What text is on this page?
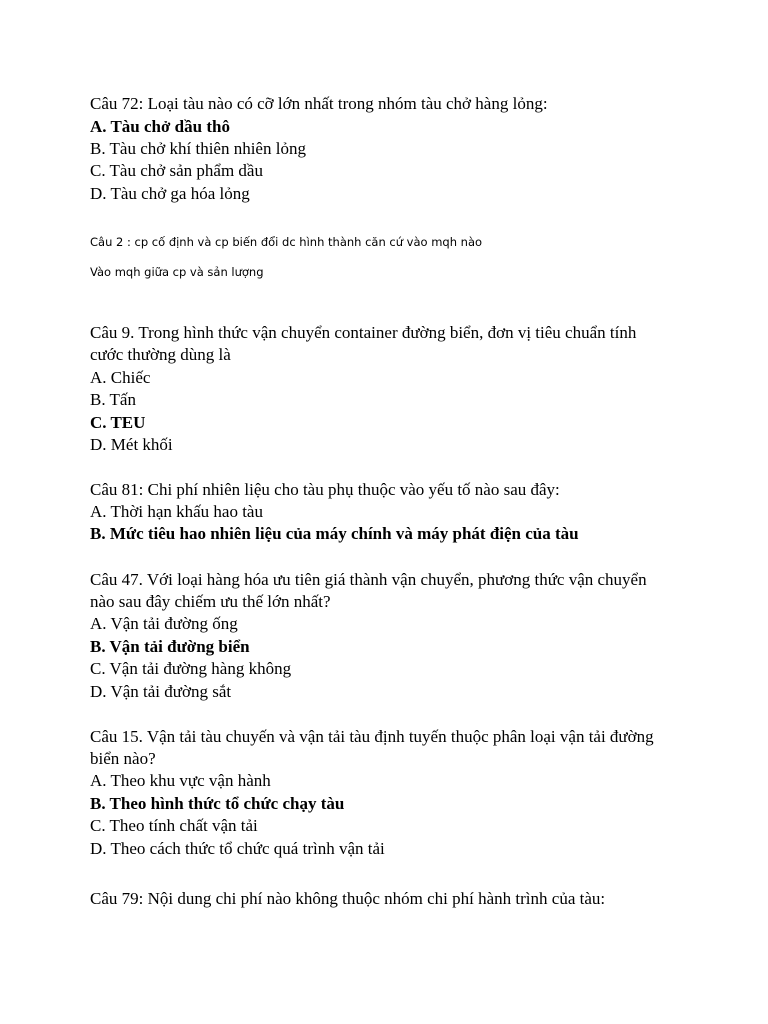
Câu 72: Loại tàu nào có cỡ lớn nhất trong nhóm tàu chở hàng lỏng:
A. Tàu chở dầu thô
B. Tàu chở khí thiên nhiên lỏng
C. Tàu chở sản phẩm dầu
D. Tàu chở ga hóa lỏng
Câu 2 : cp cố định và cp biến đổi dc hình thành căn cứ vào mqh nào
Vào mqh giữa cp và sản lượng
Câu 9. Trong hình thức vận chuyển container đường biển, đơn vị tiêu chuẩn tính
cước thường dùng là
A. Chiếc
B. Tấn
C. TEU
D. Mét khối
Câu 81: Chi phí nhiên liệu cho tàu phụ thuộc vào yếu tố nào sau đây:
A. Thời hạn khấu hao tàu
B. Mức tiêu hao nhiên liệu của máy chính và máy phát điện của tàu
Câu 47. Với loại hàng hóa ưu tiên giá thành vận chuyển, phương thức vận chuyển
nào sau đây chiếm ưu thế lớn nhất?
A. Vận tải đường ống
B. Vận tải đường biển
C. Vận tải đường hàng không
D. Vận tải đường sắt
Câu 15. Vận tải tàu chuyến và vận tải tàu định tuyến thuộc phân loại vận tải đường
biển nào?
A. Theo khu vực vận hành
B. Theo hình thức tổ chức chạy tàu
C. Theo tính chất vận tải
D. Theo cách thức tổ chức quá trình vận tải
Câu 79: Nội dung chi phí nào không thuộc nhóm chi phí hành trình của tàu:
